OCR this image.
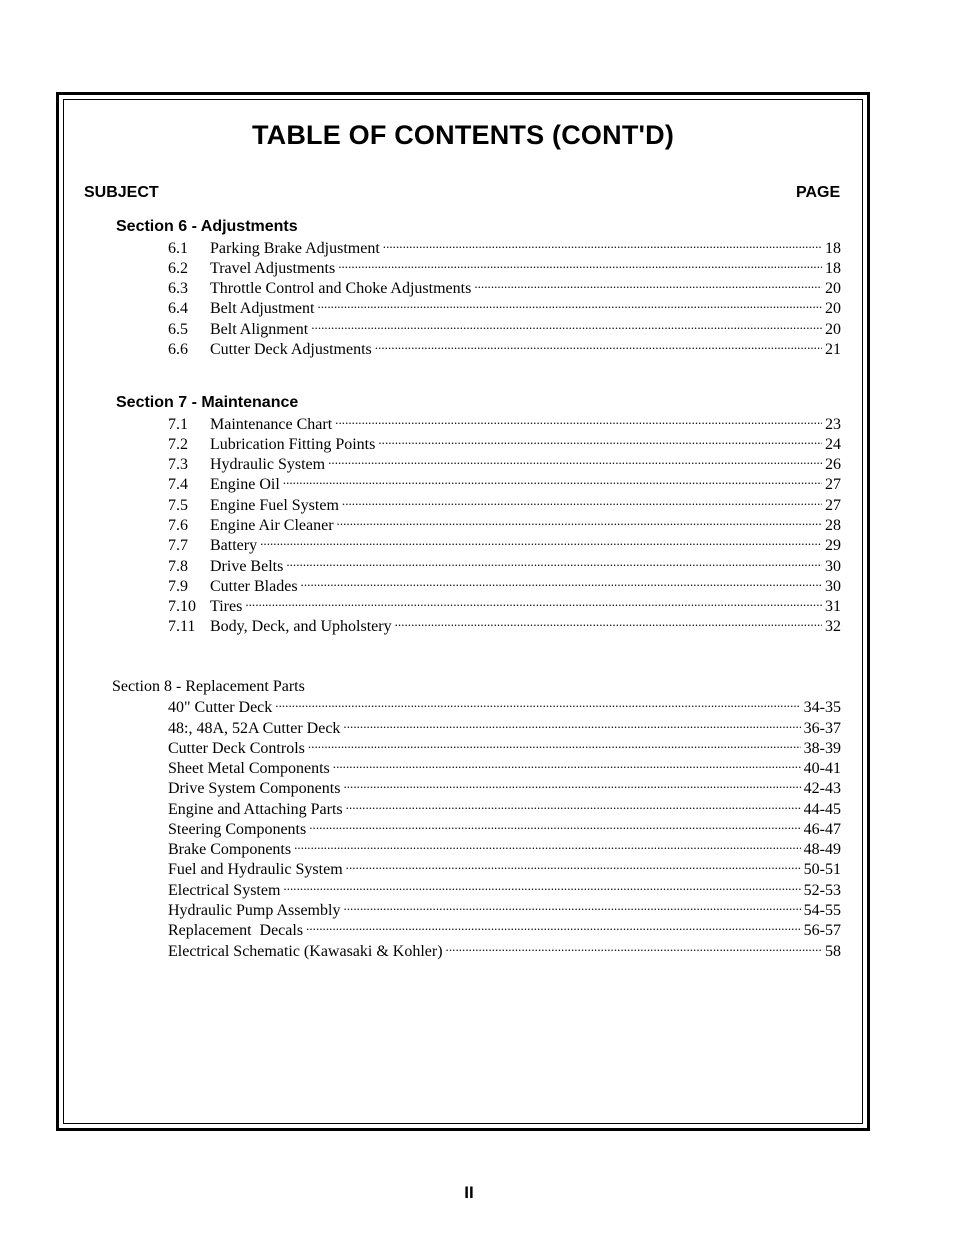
TABLE OF CONTENTS (CONT'D)
SUBJECT	PAGE
Section 6 - Adjustments
6.1	Parking Brake Adjustment . . .	18
6.2	Travel Adjustments . . .	18
6.3	Throttle Control and Choke Adjustments . . .	20
6.4	Belt Adjustment . . .	20
6.5	Belt Alignment . . .	20
6.6	Cutter Deck Adjustments . . .	21
Section 7 - Maintenance
7.1	Maintenance Chart . . .	23
7.2	Lubrication Fitting Points . . .	24
7.3	Hydraulic System . . .	26
7.4	Engine Oil . . .	27
7.5	Engine Fuel System . . .	27
7.6	Engine Air Cleaner . . .	28
7.7	Battery . . .	29
7.8	Drive Belts . . .	30
7.9	Cutter Blades . . .	30
7.10 Tires . . .	31
7.11 Body, Deck, and Upholstery . . .	32
Section 8 - Replacement Parts
40" Cutter Deck . . .	34-35
48:, 48A, 52A Cutter Deck . . .	36-37
Cutter Deck Controls . . .	38-39
Sheet Metal Components . . .	40-41
Drive System Components . . .	42-43
Engine and Attaching Parts . . .	44-45
Steering Components . . .	46-47
Brake Components . . .	48-49
Fuel and Hydraulic System . . .	50-51
Electrical System . . .	52-53
Hydraulic Pump Assembly . . .	54-55
Replacement  Decals . . .	56-57
Electrical Schematic (Kawasaki & Kohler) . . .	58
II
